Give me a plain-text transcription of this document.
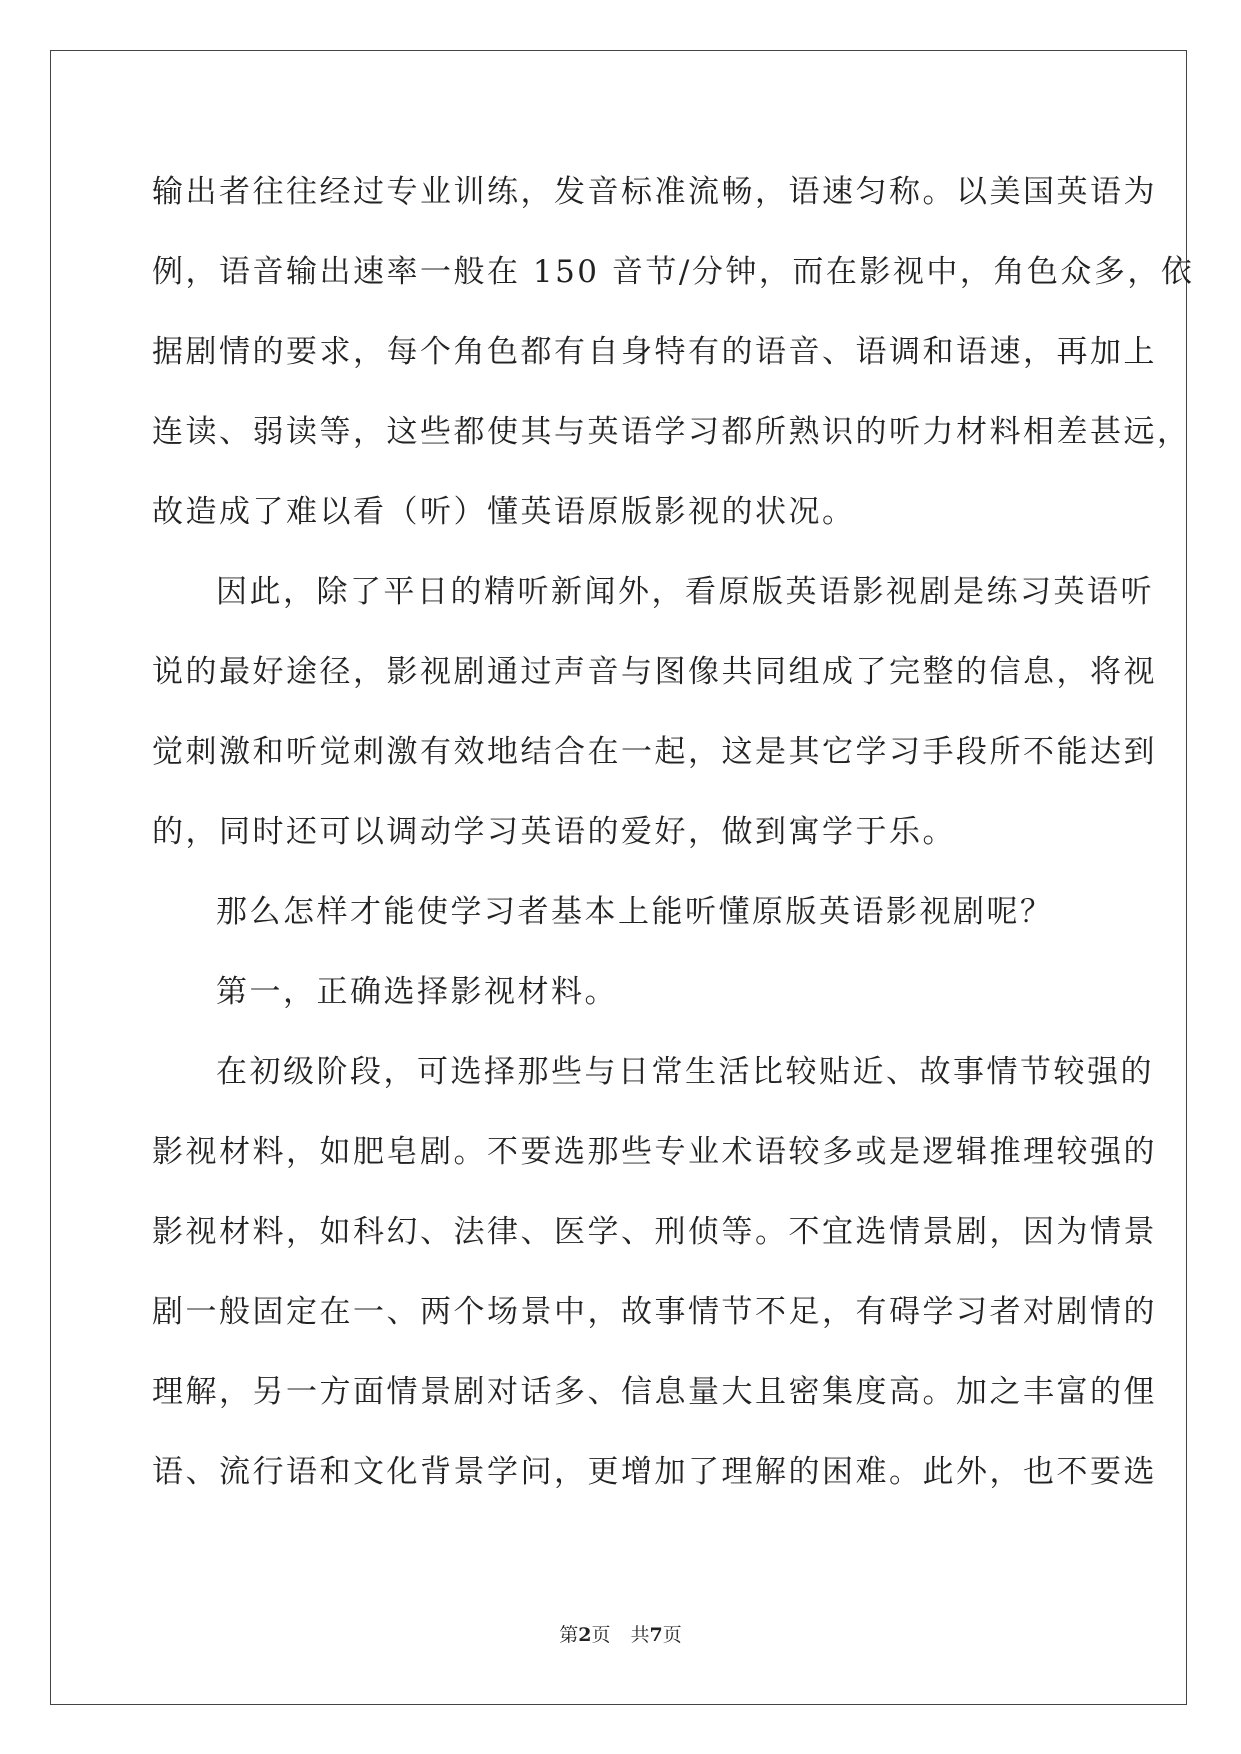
输出者往往经过专业训练，发音标准流畅，语速匀称。以美国英语为
例，语音输出速率一般在 150 音节/分钟，而在影视中，角色众多，依
据剧情的要求，每个角色都有自身特有的语音、语调和语速，再加上
连读、弱读等，这些都使其与英语学习都所熟识的听力材料相差甚远，
故造成了难以看（听）懂英语原版影视的状况。
因此，除了平日的精听新闻外，看原版英语影视剧是练习英语听
说的最好途径，影视剧通过声音与图像共同组成了完整的信息，将视
觉刺激和听觉刺激有效地结合在一起，这是其它学习手段所不能达到
的，同时还可以调动学习英语的爱好，做到寓学于乐。
那么怎样才能使学习者基本上能听懂原版英语影视剧呢？
第一，正确选择影视材料。
在初级阶段，可选择那些与日常生活比较贴近、故事情节较强的
影视材料，如肥皂剧。不要选那些专业术语较多或是逻辑推理较强的
影视材料，如科幻、法律、医学、刑侦等。不宜选情景剧，因为情景
剧一般固定在一、两个场景中，故事情节不足，有碍学习者对剧情的
理解，另一方面情景剧对话多、信息量大且密集度高。加之丰富的俚
语、流行语和文化背景学问，更增加了理解的困难。此外，也不要选
第2页 共7页
